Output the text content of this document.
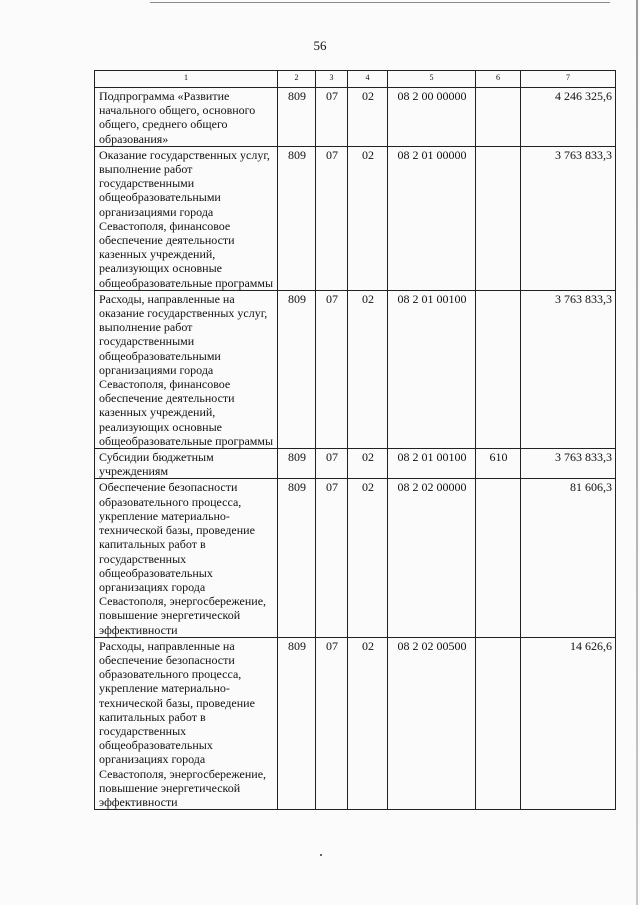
56
1	2	3	4	5	6	7
Подпрограмма «Развитие начального общего, основного общего, среднего общего образования»	809	07	02	08 2 00 00000		4 246 325,6
Оказание государственных услуг, выполнение работ государственными общеобразовательными организациями города Севастополя, финансовое обеспечение деятельности казенных учреждений, реализующих основные общеобразовательные программы	809	07	02	08 2 01 00000		3 763 833,3
Расходы, направленные на оказание государственных услуг, выполнение работ государственными общеобразовательными организациями города Севастополя, финансовое обеспечение деятельности казенных учреждений, реализующих основные общеобразовательные программы	809	07	02	08 2 01 00100		3 763 833,3
Субсидии бюджетным учреждениям	809	07	02	08 2 01 00100	610	3 763 833,3
Обеспечение безопасности образовательного процесса, укрепление материально-технической базы, проведение капитальных работ в государственных общеобразовательных организациях города Севастополя, энергосбережение, повышение энергетической эффективности	809	07	02	08 2 02 00000		81 606,3
Расходы, направленные на обеспечение безопасности образовательного процесса, укрепление материально-технической базы, проведение капитальных работ в государственных общеобразовательных организациях города Севастополя, энергосбережение, повышение энергетической эффективности	809	07	02	08 2 02 00500		14 626,6
